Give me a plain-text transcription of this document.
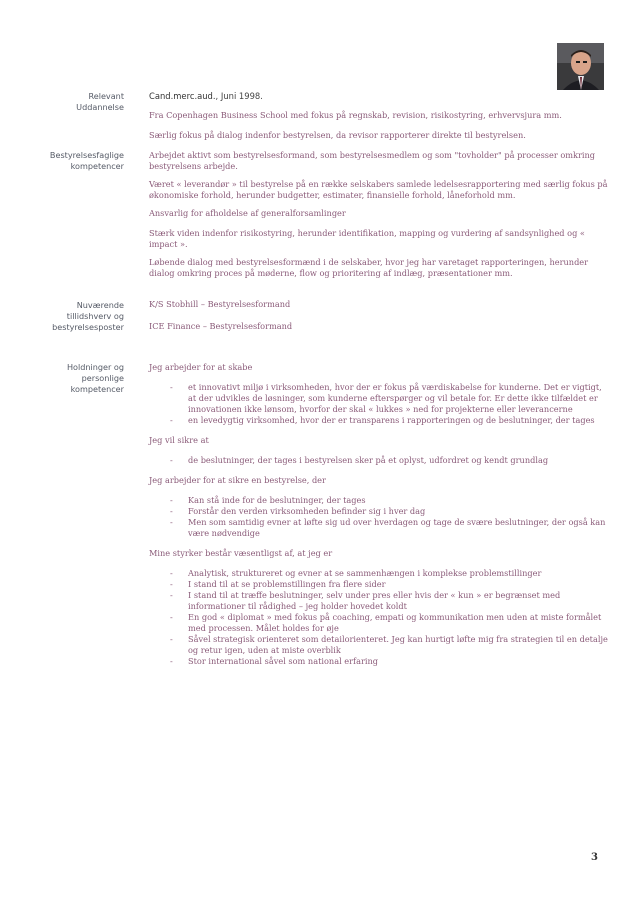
Relevant
Uddannelse

Cand.merc.aud., Juni 1998.

Fra Copenhagen Business School med fokus på regnskab, revision, risikostyring, erhvervsjura mm.

Særlig fokus på dialog indenfor bestyrelsen, da revisor rapporterer direkte til bestyrelsen.

Bestyrelsesfaglige
kompetencer

Arbejdet aktivt som bestyrelsesformand, som bestyrelsesmedlem og som "tovholder" på processer omkring bestyrelsens arbejde.

Været « leverandør » til bestyrelse på en række selskabers samlede ledelsesrapportering med særlig fokus på økonomiske forhold, herunder budgetter, estimater, finansielle forhold, låneforhold mm.

Ansvarlig for afholdelse af generalforsamlinger

Stærk viden indenfor risikostyring, herunder identifikation, mapping og vurdering af sandsynlighed og « impact ».

Løbende dialog med bestyrelsesformænd i de selskaber, hvor jeg har varetaget rapporteringen, herunder dialog omkring proces på møderne, flow og prioritering af indlæg, præsentationer mm.

Nuværende
tillidshverv og
bestyrelsesposter

K/S Stobhill – Bestyrelsesformand

ICE Finance – Bestyrelsesformand

Holdninger og
personlige
kompetencer

Jeg arbejder for at skabe

- et innovativt miljø i virksomheden, hvor der er fokus på værdiskabelse for kunderne. Det er vigtigt, at der udvikles de løsninger, som kunderne efterspørger og vil betale for. Er dette ikke tilfældet er innovationen ikke lønsom, hvorfor der skal « lukkes » ned for projekterne eller leverancerne
- en levedygtig virksomhed, hvor der er transparens i rapporteringen og de beslutninger, der tages

Jeg vil sikre at

- de beslutninger, der tages i bestyrelsen sker på et oplyst, udfordret og kendt grundlag

Jeg arbejder for at sikre en bestyrelse, der

- Kan stå inde for de beslutninger, der tages
- Forstår den verden virksomheden befinder sig i hver dag
- Men som samtidig evner at løfte sig ud over hverdagen og tage de svære beslutninger, der også kan være nødvendige

Mine styrker består væsentligst af, at jeg er

- Analytisk, struktureret og evner at se sammenhængen i komplekse problemstillinger
- I stand til at se problemstillingen fra flere sider
- I stand til at træffe beslutninger, selv under pres eller hvis der « kun » er begrænset med informationer til rådighed – jeg holder hovedet koldt
- En god « diplomat » med fokus på coaching, empati og kommunikation men uden at miste formålet med processen. Målet holdes for øje
- Såvel strategisk orienteret som detailorienteret. Jeg kan hurtigt løfte mig fra strategien til en detalje og retur igen, uden at miste overblik
- Stor international såvel som national erfaring
3
